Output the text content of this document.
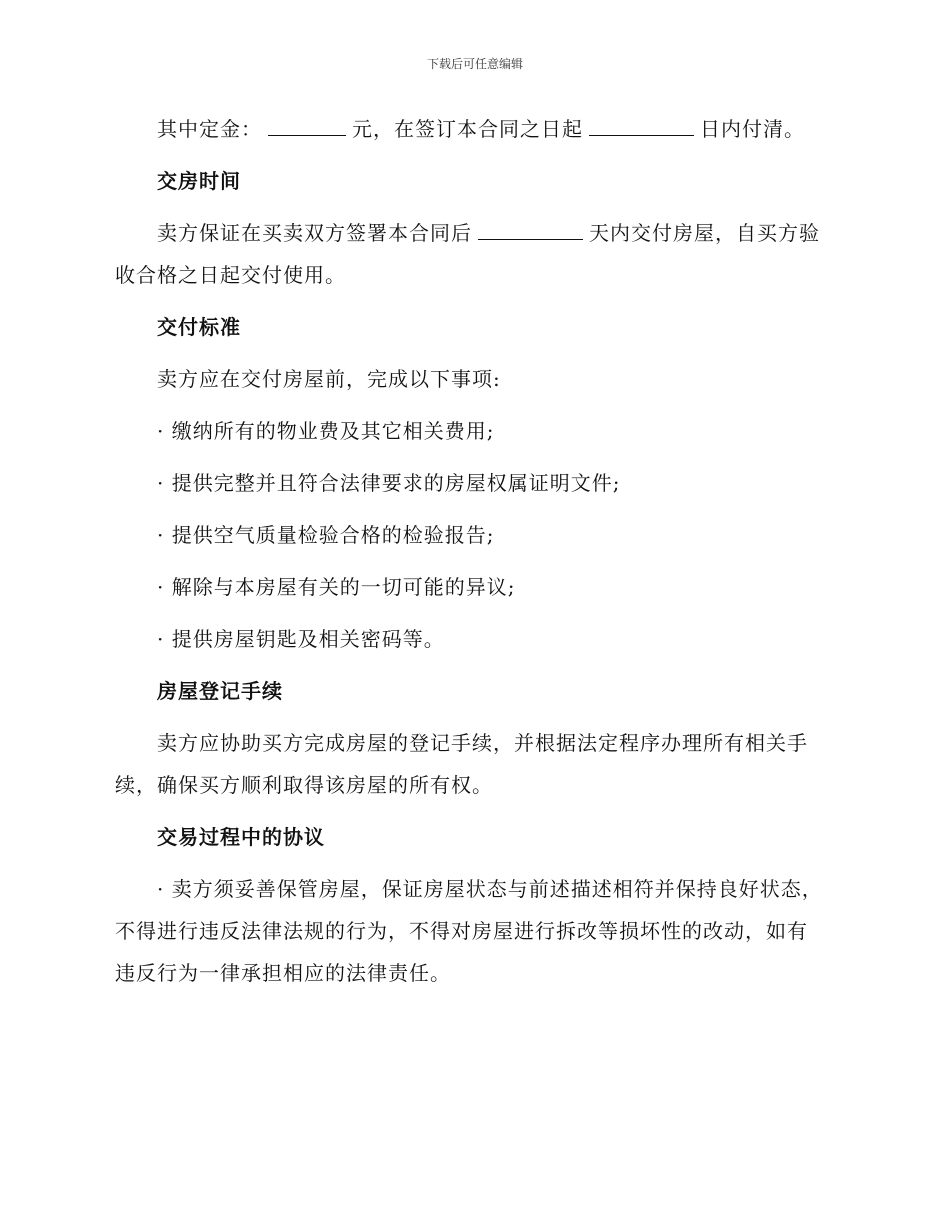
下载后可任意编辑

其中定金：	元，在签订本合同之日起	日内付清。

交房时间

卖方保证在买卖双方签署本合同后	天内交付房屋，自买方验收合格之日起交付使用。

交付标准

卖方应在交付房屋前，完成以下事项:

· 缴纳所有的物业费及其它相关费用;

· 提供完整并且符合法律要求的房屋权属证明文件;

· 提供空气质量检验合格的检验报告;

· 解除与本房屋有关的一切可能的异议;

· 提供房屋钥匙及相关密码等。

房屋登记手续

卖方应协助买方完成房屋的登记手续，并根据法定程序办理所有相关手续，确保买方顺利取得该房屋的所有权。

交易过程中的协议

· 卖方须妥善保管房屋，保证房屋状态与前述描述相符并保持良好状态，不得进行违反法律法规的行为，不得对房屋进行拆改等损坏性的改动，如有违反行为一律承担相应的法律责任。
